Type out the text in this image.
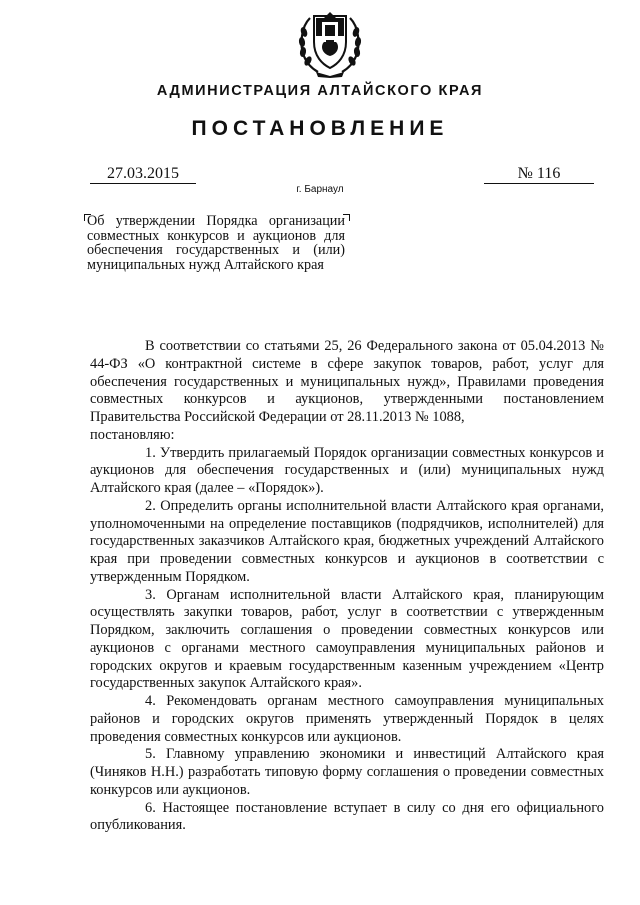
АДМИНИСТРАЦИЯ АЛТАЙСКОГО КРАЯ
ПОСТАНОВЛЕНИЕ
27.03.2015	№ 116
г. Барнаул
Об утверждении Порядка организации совместных конкурсов и аукционов для обеспечения государственных и (или) муниципальных нужд Алтайского края

В соответствии со статьями 25, 26 Федерального закона от 05.04.2013 № 44-ФЗ «О контрактной системе в сфере закупок товаров, работ, услуг для обеспечения государственных и муниципальных нужд», Правилами проведения совместных конкурсов и аукционов, утвержденными постановлением Правительства Российской Федерации от 28.11.2013 № 1088,

постановляю:

1. Утвердить прилагаемый Порядок организации совместных конкурсов и аукционов для обеспечения государственных и (или) муниципальных нужд Алтайского края (далее – «Порядок»).

2. Определить органы исполнительной власти Алтайского края органами, уполномоченными на определение поставщиков (подрядчиков, исполнителей) для государственных заказчиков Алтайского края, бюджетных учреждений Алтайского края при проведении совместных конкурсов и аукционов в соответствии с утвержденным Порядком.

3. Органам исполнительной власти Алтайского края, планирующим осуществлять закупки товаров, работ, услуг в соответствии с утвержденным Порядком, заключить соглашения о проведении совместных конкурсов или аукционов с органами местного самоуправления муниципальных районов и городских округов и краевым государственным казенным учреждением «Центр государственных закупок Алтайского края».

4. Рекомендовать органам местного самоуправления муниципальных районов и городских округов применять утвержденный Порядок в целях проведения совместных конкурсов или аукционов.

5. Главному управлению экономики и инвестиций Алтайского края (Чиняков Н.Н.) разработать типовую форму соглашения о проведении совместных конкурсов или аукционов.

6. Настоящее постановление вступает в силу со дня его официального опубликования.
